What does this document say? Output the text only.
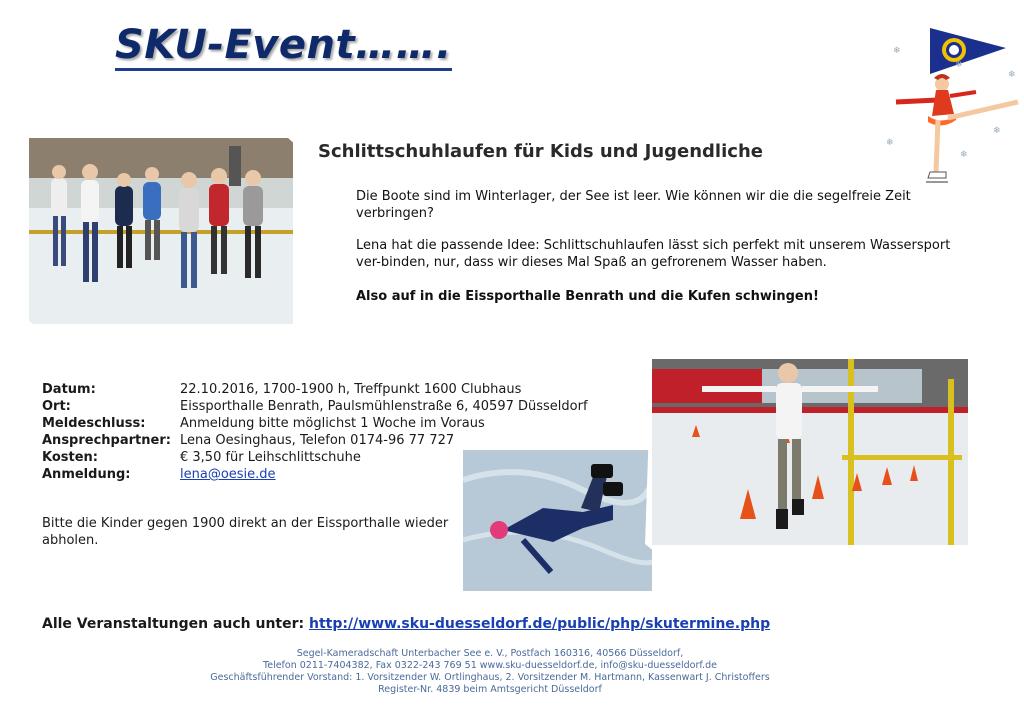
SKU-Event…….	❄
❄
❄
❄
❄
❄
Schlittschuhlaufen für Kids und Jugendliche
Die Boote sind im Winterlager, der See ist leer. Wie können wir die die segelfreie Zeit verbringen?
Lena hat die passende Idee: Schlittschuhlaufen lässt sich perfekt mit unserem Wassersport ver-binden, nur, dass wir dieses Mal Spaß an gefrorenem Wasser haben.
Also auf in die Eissporthalle Benrath und die Kufen schwingen!
Datum:	22.10.2016, 1700-1900 h, Treffpunkt 1600 Clubhaus
Ort:	Eissporthalle Benrath, Paulsmühlenstraße 6, 40597 Düsseldorf
Meldeschluss:	Anmeldung bitte möglichst 1 Woche im Voraus
Ansprechpartner: Lena Oesinghaus, Telefon 0174-96 77 727
Kosten:	€ 3,50 für Leihschlittschuhe
Anmeldung:	lena@oesie.de
Bitte die Kinder gegen 1900 direkt an der Eissporthalle wieder abholen.
Alle Veranstaltungen auch unter: http://www.sku-duesseldorf.de/public/php/skutermine.php
Segel-Kameradschaft Unterbacher See e. V., Postfach 160316, 40566 Düsseldorf,
Telefon 0211-7404382, Fax 0322-243 769 51 www.sku-duesseldorf.de, info@sku-duesseldorf.de
Geschäftsführender Vorstand: 1. Vorsitzender W. Ortlinghaus, 2. Vorsitzender M. Hartmann, Kassenwart J. Christoffers
Register-Nr. 4839 beim Amtsgericht Düsseldorf
